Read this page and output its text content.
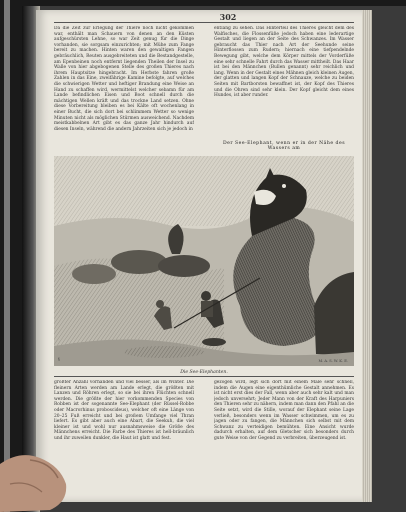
302
Da die Zeit zur Erlegung der Thiere noch nicht gekommen war, enthält man Schauern von denen an den Küsten aufgeschürsten Lehne, so war Zeit genug für die Dinge vorhanden, sie sorgsam einzurichten; mit Mühe zum Fange bereit zu machen. Hinten waren den gewaltigen Fangen gebräuchlich, Reuten ausgebreiteten und die Bestandgestelle, am Epenbeinen noch entfernt liegenden Theilen der Insel zu Walle von hier abgebogenen Stelle des großen Thieres nach ihrem Hauptsitze hingebracht. Im Herbste fahren große Zahlen in das Eine, zweifährige Kamine befolgte, auf welches die schwierigen Wetter und heftiger Brandung eine Weise an Hand zu schaffen wird, wermittelst welcher sebamn für am Lande befindlichen Eisen und Boot schnell durch die mächtigen Wellen kräft und das trockne Land setzen. Ohne diese Vorbereitung bleiben es bei Kälte oft wochenlang in einer Bucht, die sich dort bei schlimmem Wetter so wenige Minuten nicht als möglichen Stürmen ausweichend. Nachdem meistkabbelnen Art gibt es das ganze Jahr hindurch auf diesen Inseln, während die andern Jahrzeiten sich je jedoch in
entlang zu sehen. Das Hinterteil des Thieres gleicht dem des Walfisches, die Flossenfüße jedoch haben eine lederartige Gestalt und liegen an der Seite des Schwanzes. Im Wasser gebraucht das Thier nach Art der Seehunde seine Hinterflossen zum Rudern; hiernach eine tiefpendelnde Bewegung gibt, welche dem Körper mittels der Vorderfüße eine sehr schnelle Fahrt durch das Wasser mittheilt. Das Haar ist bei den Männchen (Bullen genannt) sehr reichlich und lang. Wenn in der Gestalt eines Mähnen gleich kleinen Augen, der glatten und langen Kopf der Schnauze, welche zu beiden Seiten mit Bartborsten bewaffnet ist, der Kopf des Thieres und die Ohren sind sehr klein. Der Kopf gleicht dem eines Hundes, ist aber runder.
Der See-Elephant, wenn er in der Nähe des Wassers am
§	M. A. S. W. K. E.
Die See-Elephanten.
größter Anzahl vorhanden und viel besser, als im Winter. Die fleinern Arten werden am Lande erlegt, die größten mit Lanzen und Röhren erlegt, so sie bei ihren Flüchten schnell werden. Die größte der hier vorkommenden Species von Robben ist der sogenannte See-Elephant (der Rüssel-Robbe oder Macrorhinus proboscideus), welcher oft eine Länge von 20–25 Fuß erreicht und bei großem Umfange viel Thran liefert. Es gibt aber auch eine Abart, die Seekuh, die viel kleiner ist und wohl nur ausnahmsweise die Größe des Männchens erreicht. Die Farbe des Thieres ist hell-bräunlich und ihr zuweilen dunkler, die Haut ist glatt und fest.
gezogen wird, legt sich dort mit einem Male sehr schnell, indem die Augen eine eigenthümliche Gestalt annehmen. Es ist nicht erst dies der Fall, wenn aber auch sehr kalt und man jedoch unversehrt; Jeder Mann von der Kraft des Harpuniers den Thieren sehr zu nähern, indem man dann den Pfahl an die Seite setzt, wird die Stille, worauf der Elephant seine Lage verließ, besonders wenn im Wasser schwimmen, um es zu jagen oder zu fangen, die Männchen sich selbst mit dem Schwanz zu verteidigen bemühten. Eine Ansicht wurde dadurch erhalten, auf dem Gletscher sich besonders durch gute Weise von der Gegend zu verbreiten, überzeugend ist.
